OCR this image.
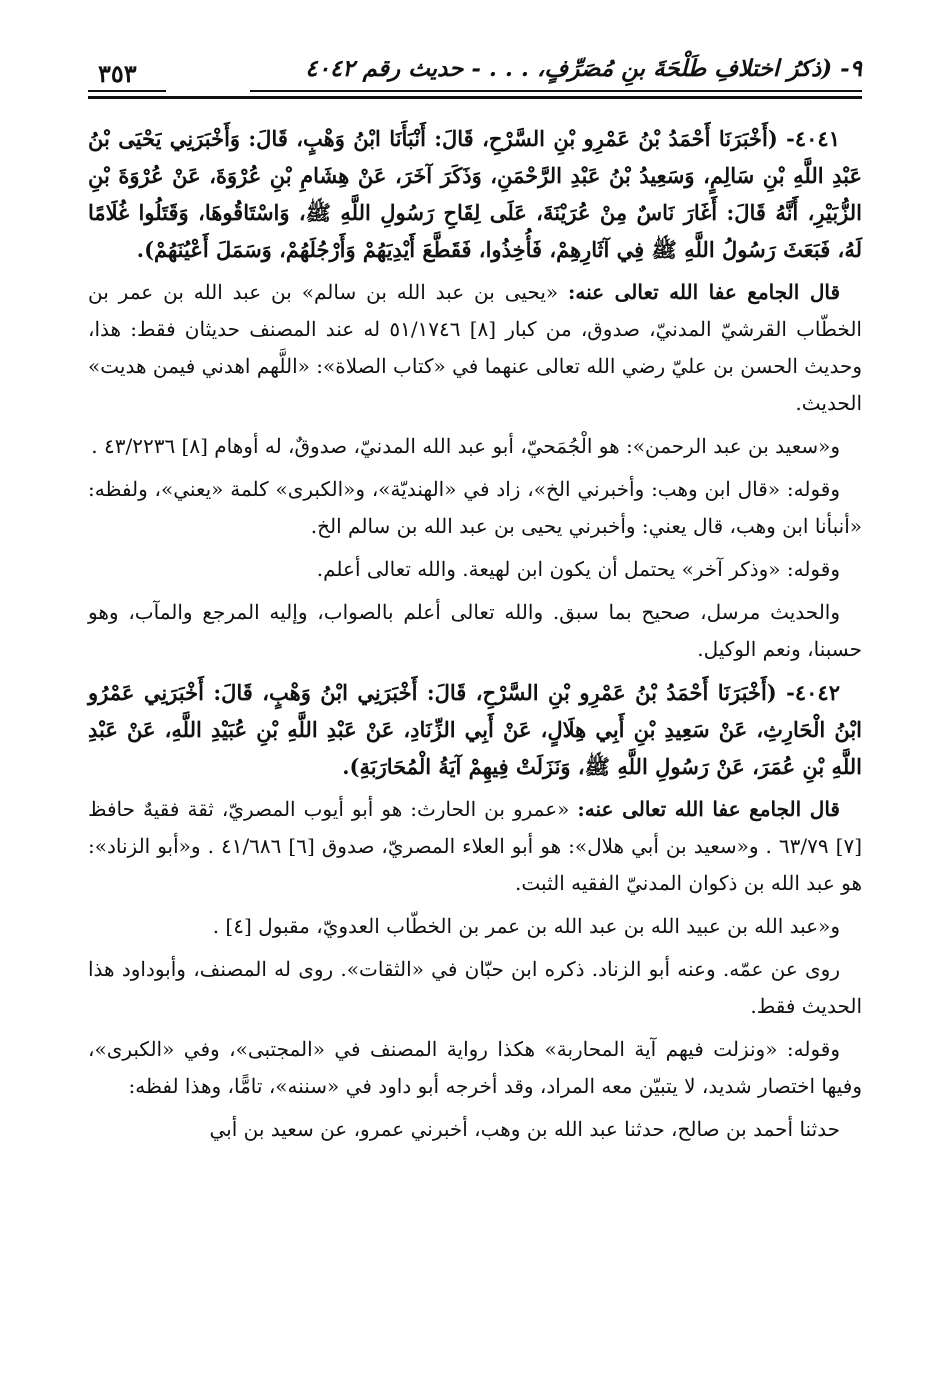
٩- (ذكرُ اختلافِ طَلْحَةَ بنِ مُصَرِّفٍ، . . . - حديث رقم ٤٠٤٢
٣٥٣

٤٠٤١- (أَخْبَرَنَا أَحْمَدُ بْنُ عَمْرِو بْنِ السَّرْحِ، قَالَ: أَنْبَأَنَا ابْنُ وَهْبٍ، قَالَ: وَأَخْبَرَنِي يَحْيَى بْنُ عَبْدِ اللَّهِ بْنِ سَالِمٍ، وَسَعِيدُ بْنُ عَبْدِ الرَّحْمَنِ، وَذَكَرَ آخَرَ، عَنْ هِشَامِ بْنِ عُرْوَةَ، عَنْ عُرْوَةَ بْنِ الزُّبَيْرِ، أَنَّهُ قَالَ: أَغَارَ نَاسٌ مِنْ عُرَيْنَةَ، عَلَى لِقَاحِ رَسُولِ اللَّهِ ﷺ، وَاسْتَاقُوهَا، وَقَتَلُوا غُلَامًا لَهُ، فَبَعَثَ رَسُولُ اللَّهِ ﷺ فِي آثَارِهِمْ، فَأُخِذُوا، فَقَطَّعَ أَيْدِيَهُمْ وَأَرْجُلَهُمْ، وَسَمَلَ أَعْيُنَهُمْ).

قال الجامع عفا الله تعالى عنه: «يحيى بن عبد الله بن سالم» بن عبد الله بن عمر بن الخطّاب القرشيّ المدنيّ، صدوق، من كبار [٨] ٥١/١٧٤٦ له عند المصنف حديثان فقط: هذا، وحديث الحسن بن عليّ رضي الله تعالى عنهما في «كتاب الصلاة»: «اللَّهم اهدني فيمن هديت» الحديث.

و«سعيد بن عبد الرحمن»: هو الْجُمَحيّ، أبو عبد الله المدنيّ، صدوقٌ، له أوهام [٨] ٤٣/٢٢٣٦ .

وقوله: «قال ابن وهب: وأخبرني الخ»، زاد في «الهنديّة»، و«الكبرى» كلمة «يعني»، ولفظه: «أنبأنا ابن وهب، قال يعني: وأخبرني يحيى بن عبد الله بن سالم الخ.

وقوله: «وذكر آخر» يحتمل أن يكون ابن لهيعة. والله تعالى أعلم.

والحديث مرسل، صحيح بما سبق. والله تعالى أعلم بالصواب، وإليه المرجع والمآب، وهو حسبنا، ونعم الوكيل.

٤٠٤٢- (أَخْبَرَنَا أَحْمَدُ بْنُ عَمْرِو بْنِ السَّرْحِ، قَالَ: أَخْبَرَنِي ابْنُ وَهْبٍ، قَالَ: أَخْبَرَنِي عَمْرُو ابْنُ الْحَارِثِ، عَنْ سَعِيدِ بْنِ أَبِي هِلَالٍ، عَنْ أَبِي الزِّنَادِ، عَنْ عَبْدِ اللَّهِ بْنِ عُبَيْدِ اللَّهِ، عَنْ عَبْدِ اللَّهِ بْنِ عُمَرَ، عَنْ رَسُولِ اللَّهِ ﷺ، وَنَزَلَتْ فِيهِمْ آيَةُ الْمُحَارَبَةِ).

قال الجامع عفا الله تعالى عنه: «عمرو بن الحارث: هو أبو أيوب المصريّ، ثقة فقيهٌ حافظ [٧] ٦٣/٧٩ . و«سعيد بن أبي هلال»: هو أبو العلاء المصريّ، صدوق [٦] ٤١/٦٨٦ . و«أبو الزناد»: هو عبد الله بن ذكوان المدنيّ الفقيه الثبت.

و«عبد الله بن عبيد الله بن عبد الله بن عمر بن الخطّاب العدويّ، مقبول [٤] .

روى عن عمّه. وعنه أبو الزناد. ذكره ابن حبّان في «الثقات». روى له المصنف، وأبوداود هذا الحديث فقط.

وقوله: «ونزلت فيهم آية المحاربة» هكذا رواية المصنف في «المجتبى»، وفي «الكبرى»، وفيها اختصار شديد، لا يتبيّن معه المراد، وقد أخرجه أبو داود في «سننه»، تامًّا، وهذا لفظه:

حدثنا أحمد بن صالح، حدثنا عبد الله بن وهب، أخبرني عمرو، عن سعيد بن أبي
